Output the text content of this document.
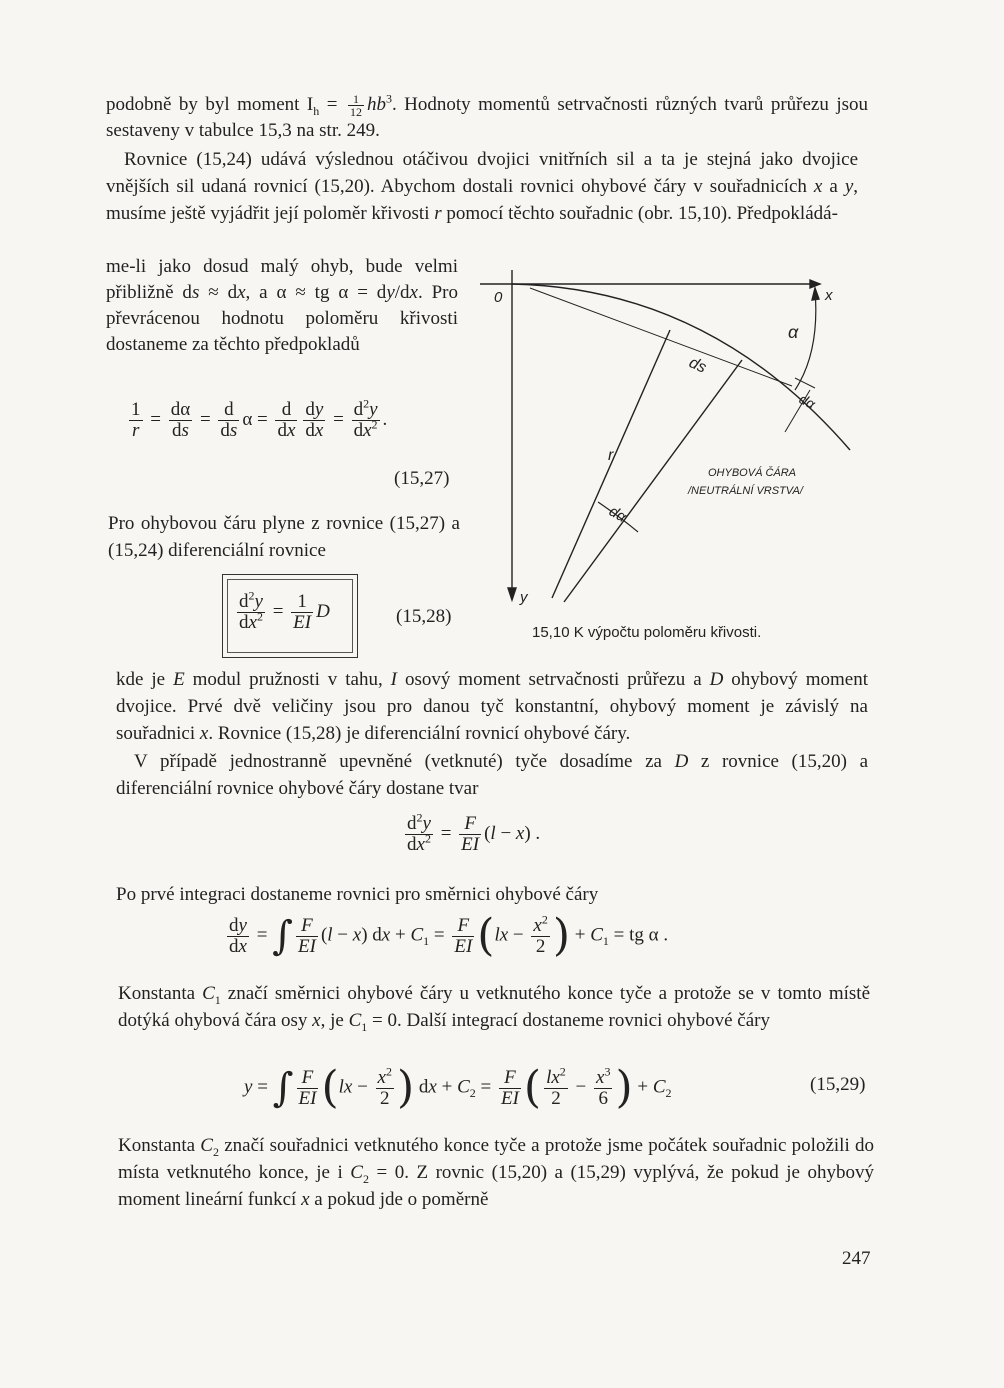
podobně by byl moment $I_h = \frac{1}{12} hb^3$. Hodnoty momentů setrvačnosti různých tvarů průřezu jsou sestaveny v tabulce 15,3 na str. 249.

Rovnice (15,24) udává výslednou otáčivou dvojici vnitřních sil a ta je stejná jako dvojice vnějších sil udaná rovnicí (15,20). Abychom dostali rovnici ohybové čáry v souřadnicích x a y, musíme ještě vyjádřit její poloměr křivosti r pomocí těchto souřadnic (obr. 15,10). Předpokládá-

me-li jako dosud malý ohyb, bude velmi přibližně ds ≈ dx, a α ≈ tg α = dy/dx. Pro převrácenou hodnotu poloměru křivosti dostaneme za těchto předpokladů

$\frac{1}{r} = \frac{d\alpha}{ds} = \frac{d}{ds}$ $\alpha = \frac{d}{dx} \frac{dy}{dx} = \frac{d^2y}{dx^2}$ .
(15,27)

Pro ohybovou čáru plyne z rovnice (15,27) a (15,24) diferenciální rovnice

$\frac{d^2y}{dx^2} = \frac{1}{EI}$ D	(15,28)
0	x
y
α
ds
dα
r
dα
OHYBOVÁ ČÁRA
/NEUTRÁLNÍ VRSTVA/
15,10 K výpočtu poloměru křivosti.

kde je E modul pružnosti v tahu, I osový moment setrvačnosti průřezu a D ohybový moment dvojice. Prvé dvě veličiny jsou pro danou tyč konstantní, ohybový moment je závislý na souřadnici x. Rovnice (15,28) je diferenciální rovnicí ohybové čáry.

V případě jednostranně upevněné (vetknuté) tyče dosadíme za D z rovnice (15,20) a diferenciální rovnice ohybové čáry dostane tvar

$\frac{d^2y}{dx^2} = \frac{F}{EI} (l - x)$ .

Po prvé integraci dostaneme rovnici pro směrnici ohybové čáry

$\frac{dy}{dx}$ = ∫ $\frac{F}{EI} (l - x)$ dx + $C_1 = \frac{F}{EI} (lx - \frac{x^2}{2}$ ) + $C_1$ = tg α .

Konstanta $C_1$ značí směrnici ohybové čáry u vetknutého konce tyče a protože se v tomto místě dotýká ohybová čára osy x, je $C_1 = 0$. Další integrací dostaneme rovnici ohybové čáry

y = ∫ $\frac{F}{EI} (lx - \frac{x^2}{2}$ ) dx + $C_2 = \frac{F}{EI}$ ( $\frac{lx^2}{2} - \frac{x^3}{6}$ ) + $C_2$	(15,29)

Konstanta $C_2$ značí souřadnici vetknutého konce tyče a protože jsme počátek souřadnic položili do místa vetknutého konce, je i $C_2 = 0$. Z rovnic (15,20) a (15,29) vyplývá, že pokud je ohybový moment lineární funkcí x a pokud jde o poměrně

247
